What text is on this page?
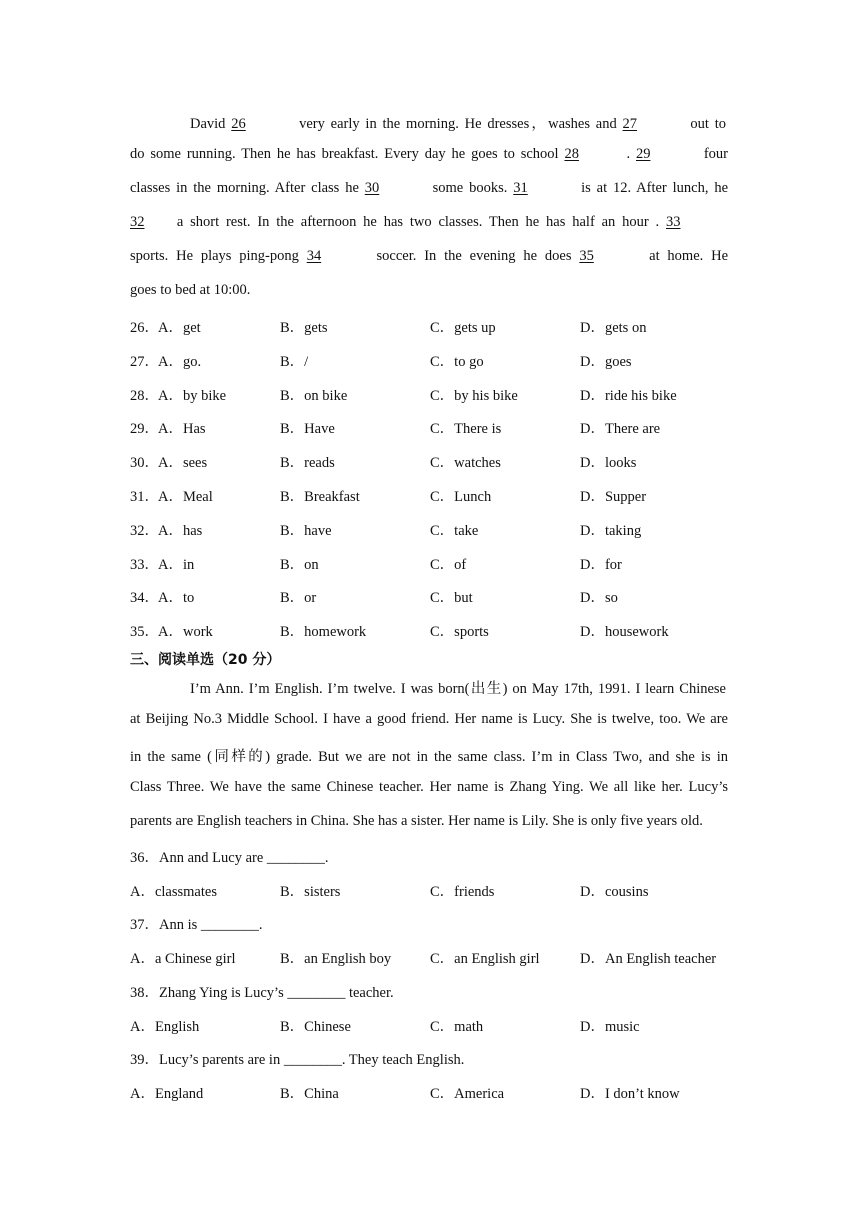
David 26	very early in the morning. He dresses，washes and 27	out to
do some running. Then he has breakfast. Every day he goes to school 28	. 29	four
classes in the morning. After class he 30	some books. 31	is at 12. After lunch, he
32 a short rest. In the afternoon he has two classes. Then he has half an hour . 33
sports. He plays ping-pong 34	soccer. In the evening he does 35	at home. He
goes to bed at 10:00.
26． A．get	B．gets	C．gets up	D．gets on
27． A．go.	B．/	C．to go	D．goes
28． A．by bike	B．on bike	C．by his bike	D．ride his bike
29． A．Has	B．Have	C．There is	D．There are
30． A．sees	B．reads	C．watches	D．looks
31． A．Meal	B．Breakfast	C．Lunch	D．Supper
32． A．has	B．have	C．take	D．taking
33． A．in	B．on	C．of	D．for
34． A．to	B．or	C．but	D．so
35． A．work	B．homework	C．sports	D．housework
三、阅读单选（20 分）
I’m Ann. I’m English. I’m twelve. I was born(出生) on May 17th, 1991. I learn Chinese
at Beijing No.3 Middle School. I have a good friend. Her name is Lucy. She is twelve, too. We are
in the same (同样的) grade. But we are not in the same class. I’m in Class Two, and she is in
Class Three. We have the same Chinese teacher. Her name is Zhang Ying. We all like her. Lucy’s
parents are English teachers in China. She has a sister. Her name is Lily. She is only five years old.
36．Ann and Lucy are ________.
A．classmates	B．sisters	C．friends	D．cousins
37．Ann is ________.
A．a Chinese girl	B．an English boy	C．an English girl	D．An English teacher
38．Zhang Ying is Lucy’s ________ teacher.
A．English	B．Chinese	C．math	D．music
39．Lucy’s parents are in ________. They teach English.
A．England	B．China	C．America	D．I don’t know
